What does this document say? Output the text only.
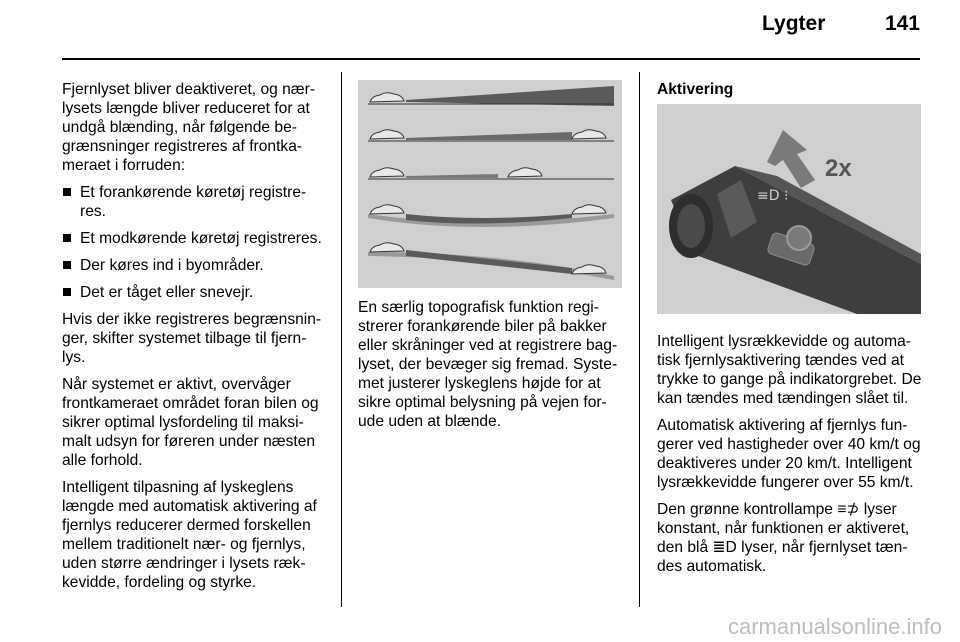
Lygter	141

Fjernlyset bliver deaktiveret, og nær-lysets længde bliver reduceret for at undgå blænding, når følgende be-grænsninger registreres af frontka-meraet i forruden:

Et forankørende køretøj registre-res.
Et modkørende køretøj registreres.
Der køres ind i byområder.
Det er tåget eller snevejr.

Hvis der ikke registreres begrænsnin-ger, skifter systemet tilbage til fjern-lys.

Når systemet er aktivt, overvåger frontkameraet området foran bilen og sikrer optimal lysfordeling til maksi-malt udsyn for føreren under næsten alle forhold.

Intelligent tilpasning af lyskeglens længde med automatisk aktivering af fjernlys reducerer dermed forskellen mellem traditionelt nær- og fjernlys, uden større ændringer i lysets ræk-kevidde, fordeling og styrke.

En særlig topografisk funktion regi-strerer forankørende biler på bakker eller skråninger ved at registrere bag-lyset, der bevæger sig fremad. Syste-met justerer lyskeglens højde for at sikre optimal belysning på vejen for-ude uden at blænde.

Aktivering

≡D ⁝
2x

Intelligent lysrækkevidde og automa-tisk fjernlysaktivering tændes ved at trykke to gange på indikatorgrebet. De kan tændes med tændingen slået til.

Automatisk aktivering af fjernlys fun-gerer ved hastigheder over 40 km/t og deaktiveres under 20 km/t. Intelligent lysrækkevidde fungerer over 55 km/t.

Den grønne kontrollampe ≡⊅ lyser konstant, når funktionen er aktiveret, den blå ≣D lyser, når fjernlyset tæn-des automatisk.

carmanualsonline.info
